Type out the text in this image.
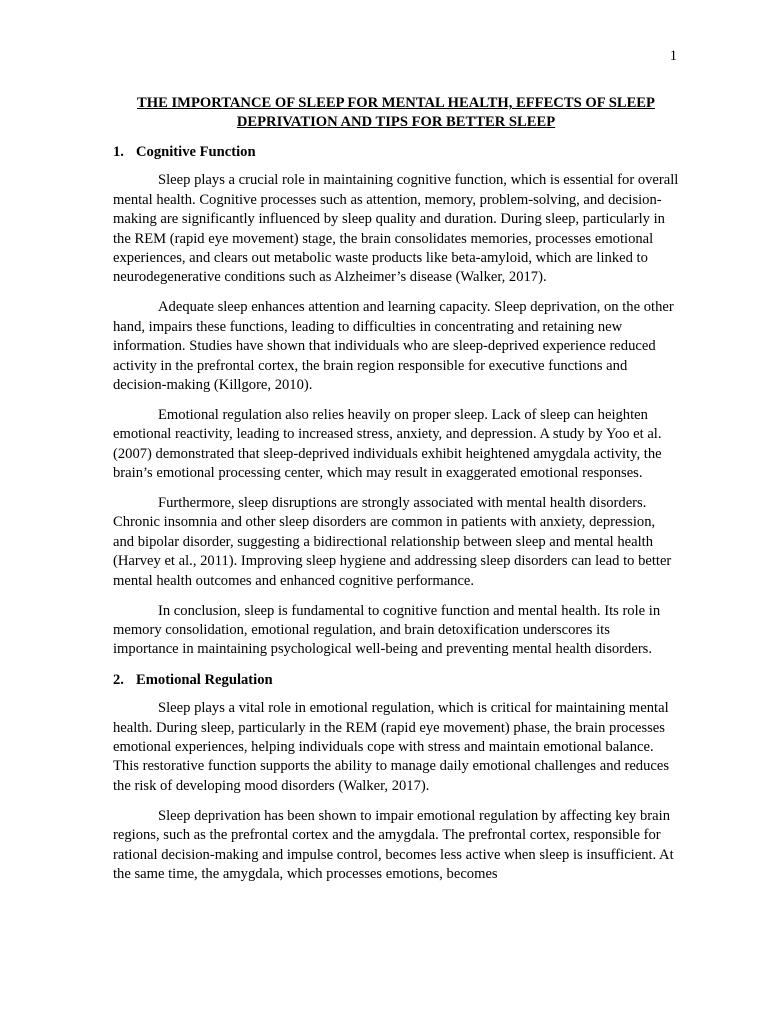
1

THE IMPORTANCE OF SLEEP FOR MENTAL HEALTH, EFFECTS OF SLEEP DEPRIVATION AND TIPS FOR BETTER SLEEP

1. Cognitive Function

Sleep plays a crucial role in maintaining cognitive function, which is essential for overall mental health. Cognitive processes such as attention, memory, problem-solving, and decision-making are significantly influenced by sleep quality and duration. During sleep, particularly in the REM (rapid eye movement) stage, the brain consolidates memories, processes emotional experiences, and clears out metabolic waste products like beta-amyloid, which are linked to neurodegenerative conditions such as Alzheimer’s disease (Walker, 2017).

Adequate sleep enhances attention and learning capacity. Sleep deprivation, on the other hand, impairs these functions, leading to difficulties in concentrating and retaining new information. Studies have shown that individuals who are sleep-deprived experience reduced activity in the prefrontal cortex, the brain region responsible for executive functions and decision-making (Killgore, 2010).

Emotional regulation also relies heavily on proper sleep. Lack of sleep can heighten emotional reactivity, leading to increased stress, anxiety, and depression. A study by Yoo et al. (2007) demonstrated that sleep-deprived individuals exhibit heightened amygdala activity, the brain’s emotional processing center, which may result in exaggerated emotional responses.

Furthermore, sleep disruptions are strongly associated with mental health disorders. Chronic insomnia and other sleep disorders are common in patients with anxiety, depression, and bipolar disorder, suggesting a bidirectional relationship between sleep and mental health (Harvey et al., 2011). Improving sleep hygiene and addressing sleep disorders can lead to better mental health outcomes and enhanced cognitive performance.

In conclusion, sleep is fundamental to cognitive function and mental health. Its role in memory consolidation, emotional regulation, and brain detoxification underscores its importance in maintaining psychological well-being and preventing mental health disorders.

2. Emotional Regulation

Sleep plays a vital role in emotional regulation, which is critical for maintaining mental health. During sleep, particularly in the REM (rapid eye movement) phase, the brain processes emotional experiences, helping individuals cope with stress and maintain emotional balance. This restorative function supports the ability to manage daily emotional challenges and reduces the risk of developing mood disorders (Walker, 2017).

Sleep deprivation has been shown to impair emotional regulation by affecting key brain regions, such as the prefrontal cortex and the amygdala. The prefrontal cortex, responsible for rational decision-making and impulse control, becomes less active when sleep is insufficient. At the same time, the amygdala, which processes emotions, becomes
